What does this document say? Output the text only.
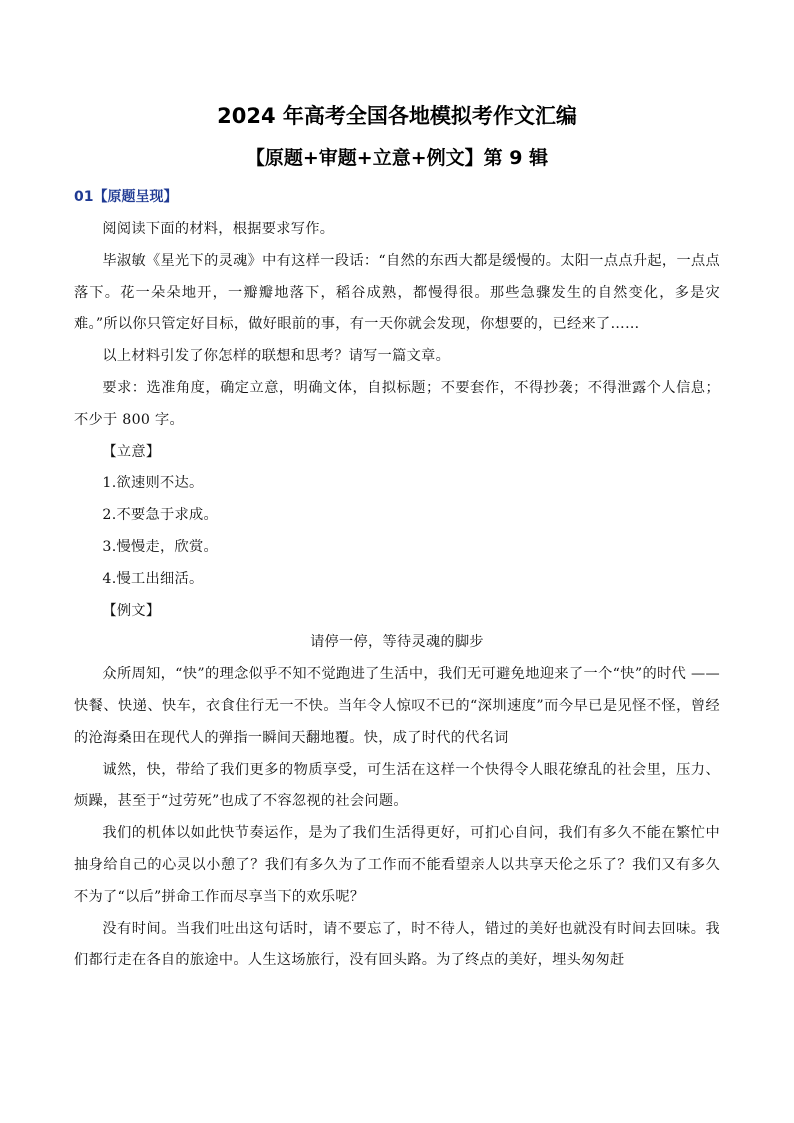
2024 年高考全国各地模拟考作文汇编
【原题+审题+立意+例文】第 9 辑
01【原题呈现】

阅阅读下面的材料，根据要求写作。

毕淑敏《星光下的灵魂》中有这样一段话：“自然的东西大都是缓慢的。太阳一点点升起，一点点落下。花一朵朵地开，一瓣瓣地落下，稻谷成熟，都慢得很。那些急骤发生的自然变化，多是灾难。”所以你只管定好目标，做好眼前的事，有一天你就会发现，你想要的，已经来了……

以上材料引发了你怎样的联想和思考？请写一篇文章。

要求：选准角度，确定立意，明确文体，自拟标题；不要套作，不得抄袭；不得泄露个人信息；不少于 800 字。

【立意】

1.欲速则不达。

2.不要急于求成。

3.慢慢走，欣赏。

4.慢工出细活。

【例文】

请停一停，等待灵魂的脚步

众所周知，“快”的理念似乎不知不觉跑进了生活中，我们无可避免地迎来了一个“快”的时代 ——快餐、快递、快车，衣食住行无一不快。当年令人惊叹不已的“深圳速度”而今早已是见怪不怪，曾经的沧海桑田在现代人的弹指一瞬间天翻地覆。快，成了时代的代名词

诚然，快，带给了我们更多的物质享受，可生活在这样一个快得令人眼花缭乱的社会里，压力、烦躁，甚至于“过劳死”也成了不容忽视的社会问题。

我们的机体以如此快节奏运作，是为了我们生活得更好，可扪心自问，我们有多久不能在繁忙中抽身给自己的心灵以小憩了？我们有多久为了工作而不能看望亲人以共享天伦之乐了？我们又有多久不为了“以后”拼命工作而尽享当下的欢乐呢？

没有时间。当我们吐出这句话时，请不要忘了，时不待人，错过的美好也就没有时间去回味。我们都行走在各自的旅途中。人生这场旅行，没有回头路。为了终点的美好，埋头匆匆赶
